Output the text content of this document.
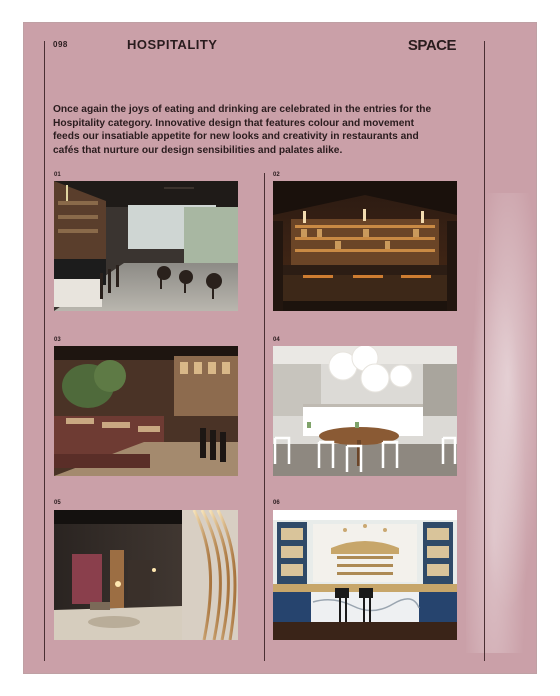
098	HOSPITALITY	SPACE

Once again the joys of eating and drinking are celebrated in the entries for the Hospitality category. Innovative design that features colour and movement feeds our insatiable appetite for new looks and creativity in restaurants and cafés that nurture our design sensibilities and palates alike.

01	02
03	04
05	06
